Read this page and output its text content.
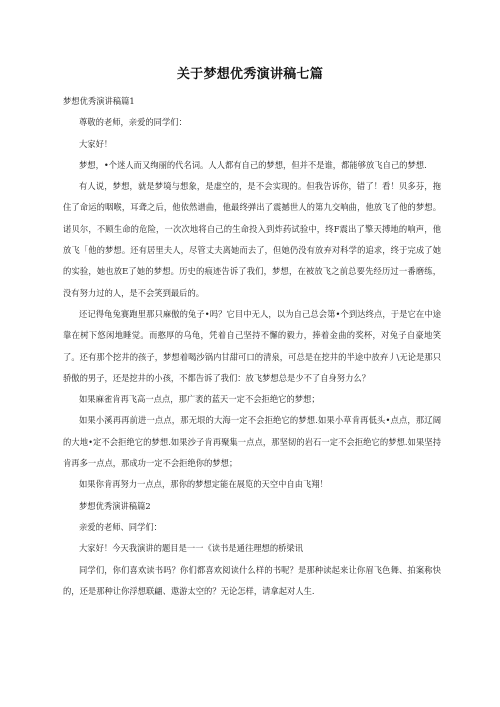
关于梦想优秀演讲稿七篇

梦想优秀演讲稿篇1

尊敬的老师，亲爱的同学们：

大家好！

梦想，•个迷人而又绚丽的代名词。人人都有自己的梦想，但并不是谁，都能够放飞自己的梦想.

有人说，梦想，就是梦境与想象，是虚空的，是不会实现的。但我告诉你，错了！看！贝多芬，拖住了命运的咽喉，耳聋之后，他依然谱曲，他最终弹出了震撼世人的第九交响曲，他放飞了他的梦想。诺贝尔，不顾生命的危险，一次次地将自己的生命投入到炸药试验中，终F震出了擎天搏地的响声，他放飞「他的梦想。还有居里夫人，尽管丈夫离她而去了，但她仍没有放弃对科学的追求，终于完成了她的实验，她也放E了她的梦想。历史的痕迹告诉了我们，梦想，在被放飞之前总要先经历过一番磨练，没有努力过的人，是不会笑到最后的。

还记得龟兔赛跑里那只麻傲的兔子•吗？它目中无人，以为自己总会第•个到达终点，于是它在中途靠在树下悠闲地睡觉。而憨厚的乌龟，凭着自己坚持不懈的毅力，捧着金曲的奖杯，对兔子自豪地笑了。还有那个挖井的孩子，梦想着喝沙锅内甘甜可口的清泉，可总是在挖井的半途中放弃丿\无论是那只骄傲的男子，还是挖井的小孩，不都告诉了我们：放飞梦想总是少不了自身努力么？

如果麻雀肯再飞高一点点，那广袤的蓝天一定不会拒绝它的梦想；

如果小溪再再前进一点点，那无垠的大海一定不会拒绝它的梦想.如果小草肯再低头•点点，那辽阔的大地•定不会拒绝它的梦想.如果沙子肯再聚集一点点，那坚韧的岩石一定不会拒绝它的梦想.如果坚持肯再多一点点，那成功一定不会拒绝你的梦想；

如果你肯再努力一点点，那你的梦想定能在展览的天空中自由飞翔！

梦想优秀演讲稿篇2

亲爱的老师、同学们：

大家好！今天我演讲的题目是一一《读书是通往理想的桥梁讯

同学们，你们喜欢读书吗？你们都喜欢阅读什么样的书呢？是那种读起来让你眉飞色舞、拍案称快的，还是那种让你浮想联翩、遨游太空的？无论怎样，请拿起对人生.
